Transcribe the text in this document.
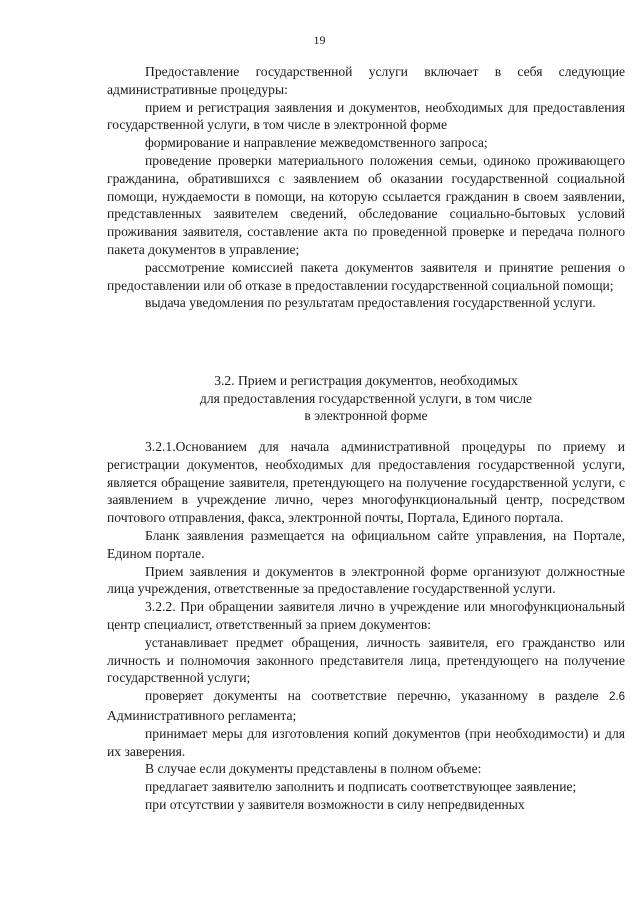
19

Предоставление государственной услуги включает в себя следующие административные процедуры:

прием и регистрация заявления и документов, необходимых для предоставления государственной услуги, в том числе в электронной форме

формирование и направление межведомственного запроса;

проведение проверки материального положения семьи, одиноко проживающего гражданина, обратившихся с заявлением об оказании государственной социальной помощи, нуждаемости в помощи, на которую ссылается гражданин в своем заявлении, представленных заявителем сведений, обследование социально-бытовых условий проживания заявителя, составление акта по проведенной проверке и передача полного пакета документов в управление;

рассмотрение комиссией пакета документов заявителя и принятие решения о предоставлении или об отказе в предоставлении государственной социальной помощи;

выдача уведомления по результатам предоставления государственной услуги.

3.2. Прием и регистрация документов, необходимых
для предоставления государственной услуги, в том числе
в электронной форме

3.2.1.Основанием для начала административной процедуры по приему и регистрации документов, необходимых для предоставления государственной услуги, является обращение заявителя, претендующего на получение государственной услуги, с заявлением в учреждение лично, через многофункциональный центр, посредством почтового отправления, факса, электронной почты, Портала, Единого портала.

Бланк заявления размещается на официальном сайте управления, на Портале, Едином портале.

Прием заявления и документов в электронной форме организуют должностные лица учреждения, ответственные за предоставление государственной услуги.

3.2.2. При обращении заявителя лично в учреждение или многофункциональный центр специалист, ответственный за прием документов:

устанавливает предмет обращения, личность заявителя, его гражданство или личность и полномочия законного представителя лица, претендующего на получение государственной услуги;

проверяет документы на соответствие перечню, указанному в разделе 2.6 Административного регламента;

принимает меры для изготовления копий документов (при необходимости) и для их заверения.

В случае если документы представлены в полном объеме:

предлагает заявителю заполнить и подписать соответствующее заявление;

при отсутствии у заявителя возможности в силу непредвиденных
